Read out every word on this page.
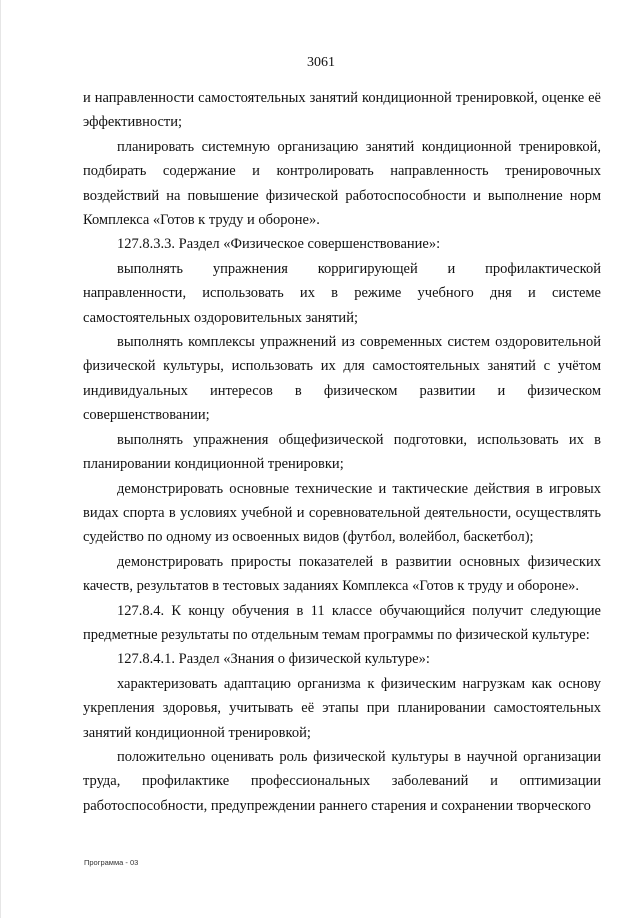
3061

и направленности самостоятельных занятий кондиционной тренировкой, оценке её эффективности;

планировать системную организацию занятий кондиционной тренировкой, подбирать содержание и контролировать направленность тренировочных воздействий на повышение физической работоспособности и выполнение норм Комплекса «Готов к труду и обороне».

127.8.3.3. Раздел «Физическое совершенствование»:

выполнять упражнения корригирующей и профилактической направленности, использовать их в режиме учебного дня и системе самостоятельных оздоровительных занятий;

выполнять комплексы упражнений из современных систем оздоровительной физической культуры, использовать их для самостоятельных занятий с учётом индивидуальных интересов в физическом развитии и физическом совершенствовании;

выполнять упражнения общефизической подготовки, использовать их в планировании кондиционной тренировки;

демонстрировать основные технические и тактические действия в игровых видах спорта в условиях учебной и соревновательной деятельности, осуществлять судейство по одному из освоенных видов (футбол, волейбол, баскетбол);

демонстрировать приросты показателей в развитии основных физических качеств, результатов в тестовых заданиях Комплекса «Готов к труду и обороне».

127.8.4. К концу обучения в 11 классе обучающийся получит следующие предметные результаты по отдельным темам программы по физической культуре:

127.8.4.1. Раздел «Знания о физической культуре»:

характеризовать адаптацию организма к физическим нагрузкам как основу укрепления здоровья, учитывать её этапы при планировании самостоятельных занятий кондиционной тренировкой;

положительно оценивать роль физической культуры в научной организации труда, профилактике профессиональных заболеваний и оптимизации работоспособности, предупреждении раннего старения и сохранении творческого

Программа - 03
